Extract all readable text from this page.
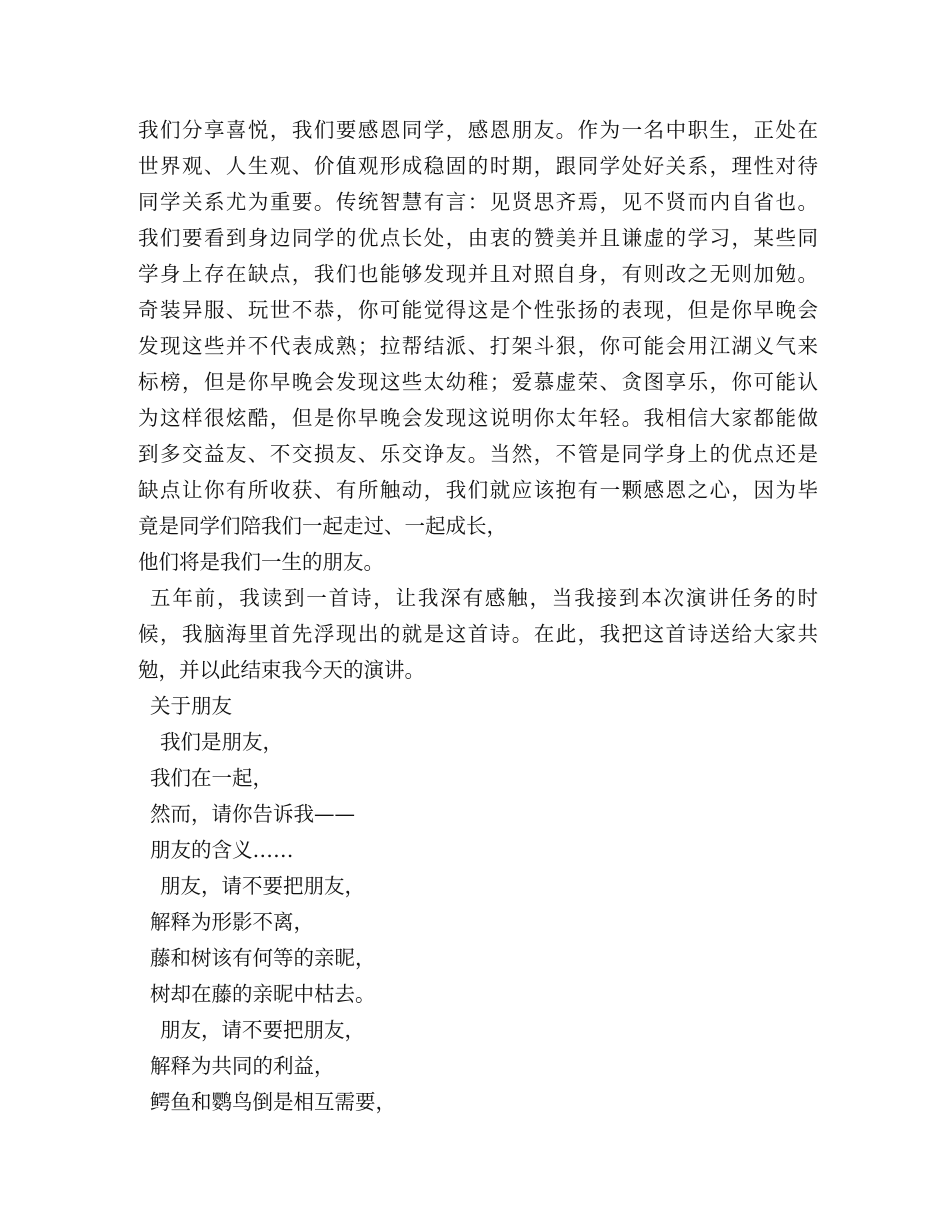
我们分享喜悦，我们要感恩同学，感恩朋友。作为一名中职生，正处在
世界观、人生观、价值观形成稳固的时期，跟同学处好关系，理性对待
同学关系尤为重要。传统智慧有言：见贤思齐焉，见不贤而内自省也。
我们要看到身边同学的优点长处，由衷的赞美并且谦虚的学习，某些同
学身上存在缺点，我们也能够发现并且对照自身，有则改之无则加勉。
奇装异服、玩世不恭，你可能觉得这是个性张扬的表现，但是你早晚会
发现这些并不代表成熟；拉帮结派、打架斗狠，你可能会用江湖义气来
标榜，但是你早晚会发现这些太幼稚；爱慕虚荣、贪图享乐，你可能认
为这样很炫酷，但是你早晚会发现这说明你太年轻。我相信大家都能做
到多交益友、不交损友、乐交诤友。当然，不管是同学身上的优点还是
缺点让你有所收获、有所触动，我们就应该抱有一颗感恩之心，因为毕
竟是同学们陪我们一起走过、一起成长，
他们将是我们一生的朋友。
五年前，我读到一首诗，让我深有感触，当我接到本次演讲任务的时
候，我脑海里首先浮现出的就是这首诗。在此，我把这首诗送给大家共
勉，并以此结束我今天的演讲。
关于朋友
我们是朋友，
我们在一起，
然而，请你告诉我——
朋友的含义……
朋友，请不要把朋友，
解释为形影不离，
藤和树该有何等的亲昵，
树却在藤的亲昵中枯去。
朋友，请不要把朋友，
解释为共同的利益，
鳄鱼和鹦鸟倒是相互需要，
